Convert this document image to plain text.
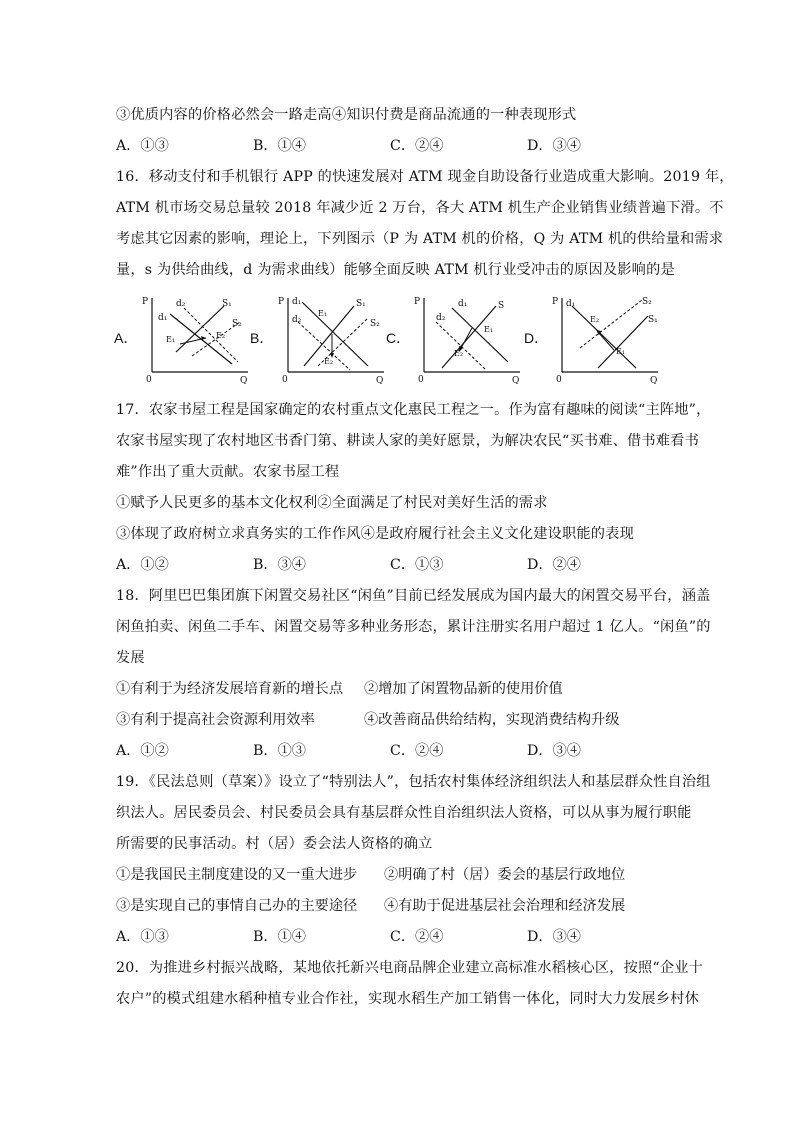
③优质内容的价格必然会一路走高④知识付费是商品流通的一种表现形式
A．①③	B．①④	C．②④	D．③④
16．移动支付和手机银行 APP 的快速发展对 ATM 现金自助设备行业造成重大影响。2019 年，
ATM 机市场交易总量较 2018 年减少近 2 万台，各大 ATM 机生产企业销售业绩普遍下滑。不
考虑其它因素的影响，理论上，下列图示（P 为 ATM 机的价格，Q 为 ATM 机的供给量和需求
量，s 为供给曲线，d 为需求曲线）能够全面反映 ATM 机行业受冲击的原因及影响的是
A．
P
Q
0
d₂
d₁
S₁
S₂
E₁	E₂ B．
P
Q
0
d₁
d₂
S₁
S₂
E₁
E₂
C．
P
Q
0
d₁
d₂
S
E₁
E₂
D．
P
Q
0
d₁	S₂
S₁
E₂
E₁
17．农家书屋工程是国家确定的农村重点文化惠民工程之一。作为富有趣味的阅读“主阵地”，
农家书屋实现了农村地区书香门第、耕读人家的美好愿景，为解决农民“买书难、借书难看书
难”作出了重大贡献。农家书屋工程
①赋予人民更多的基本文化权利②全面满足了村民对美好生活的需求
③体现了政府树立求真务实的工作作风④是政府履行社会主义文化建设职能的表现
A．①②	B．③④	C．①③	D．②④
18．阿里巴巴集团旗下闲置交易社区“闲鱼”目前已经发展成为国内最大的闲置交易平台，涵盖
闲鱼拍卖、闲鱼二手车、闲置交易等多种业务形态，累计注册实名用户超过 1 亿人。“闲鱼”的
发展
①有利于为经济发展培育新的增长点 ②增加了闲置物品新的使用价值
③有利于提高社会资源利用效率	④改善商品供给结构，实现消费结构升级
A．①②	B．①③	C．②④	D．③④
19．《民法总则（草案）》设立了“特别法人”，包括农村集体经济组织法人和基层群众性自治组
织法人。居民委员会、村民委员会具有基层群众性自治组织法人资格，可以从事为履行职能
所需要的民事活动。村（居）委会法人资格的确立
①是我国民主制度建设的又一重大进步 ②明确了村（居）委会的基层行政地位
③是实现自己的事情自己办的主要途径 ④有助于促进基层社会治理和经济发展
A．①③	B．①④	C．②④	D．③④
20．为推进乡村振兴战略，某地依托新兴电商品牌企业建立高标准水稻核心区，按照“企业十
农户”的模式组建水稻种植专业合作社，实现水稻生产加工销售一体化，同时大力发展乡村休
